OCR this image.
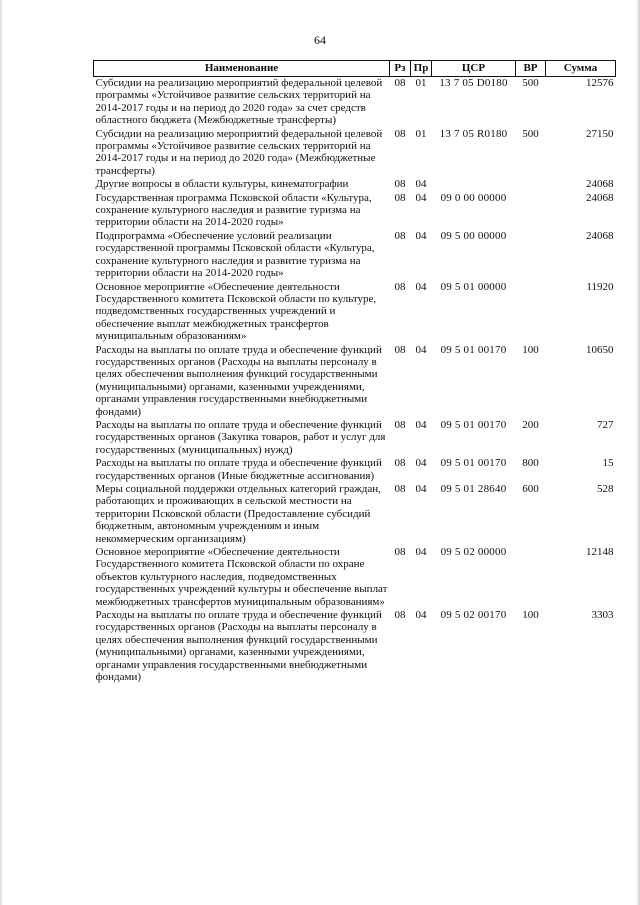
64
Наименование	Рз	Пр	ЦСР	ВР	Сумма
Субсидии на реализацию мероприятий федеральной целевой программы «Устойчивое развитие сельских территорий на 2014-2017 годы и на период до 2020 года» за счет средств областного бюджета (Межбюджетные трансферты)	08	01	13 7 05 D0180	500	12576
Субсидии на реализацию мероприятий федеральной целевой программы «Устойчивое развитие сельских территорий на 2014-2017 годы и на период до 2020 года» (Межбюджетные трансферты)	08	01	13 7 05 R0180	500	27150
Другие вопросы в области культуры, кинематографии	08	04			24068
Государственная программа Псковской области «Культура, сохранение культурного наследия и развитие туризма на территории области на 2014-2020 годы»	08	04	09 0 00 00000		24068
Подпрограмма «Обеспечение условий реализации государственной программы Псковской области «Культура, сохранение культурного наследия и развитие туризма на территории области на 2014-2020 годы»	08	04	09 5 00 00000		24068
Основное мероприятие «Обеспечение деятельности Государственного комитета Псковской области по культуре, подведомственных государственных учреждений и обеспечение выплат межбюджетных трансфертов муниципальным образованиям»	08	04	09 5 01 00000		11920
Расходы на выплаты по оплате труда и обеспечение функций государственных органов (Расходы на выплаты персоналу в целях обеспечения выполнения функций государственными (муниципальными) органами, казенными учреждениями, органами управления государственными внебюджетными фондами)	08	04	09 5 01 00170	100	10650
Расходы на выплаты по оплате труда и обеспечение функций государственных органов (Закупка товаров, работ и услуг для государственных (муниципальных) нужд)	08	04	09 5 01 00170	200	727
Расходы на выплаты по оплате труда и обеспечение функций государственных органов (Иные бюджетные ассигнования)	08	04	09 5 01 00170	800	15
Меры социальной поддержки отдельных категорий граждан, работающих и проживающих в сельской местности на территории Псковской области (Предоставление субсидий бюджетным, автономным учреждениям и иным некоммерческим организациям)	08	04	09 5 01 28640	600	528
Основное мероприятие «Обеспечение деятельности Государственного комитета Псковской области по охране объектов культурного наследия, подведомственных государственных учреждений культуры и обеспечение выплат межбюджетных трансфертов муниципальным образованиям»	08	04	09 5 02 00000		12148
Расходы на выплаты по оплате труда и обеспечение функций государственных органов (Расходы на выплаты персоналу в целях обеспечения выполнения функций государственными (муниципальными) органами, казенными учреждениями, органами управления государственными внебюджетными фондами)	08	04	09 5 02 00170	100	3303
